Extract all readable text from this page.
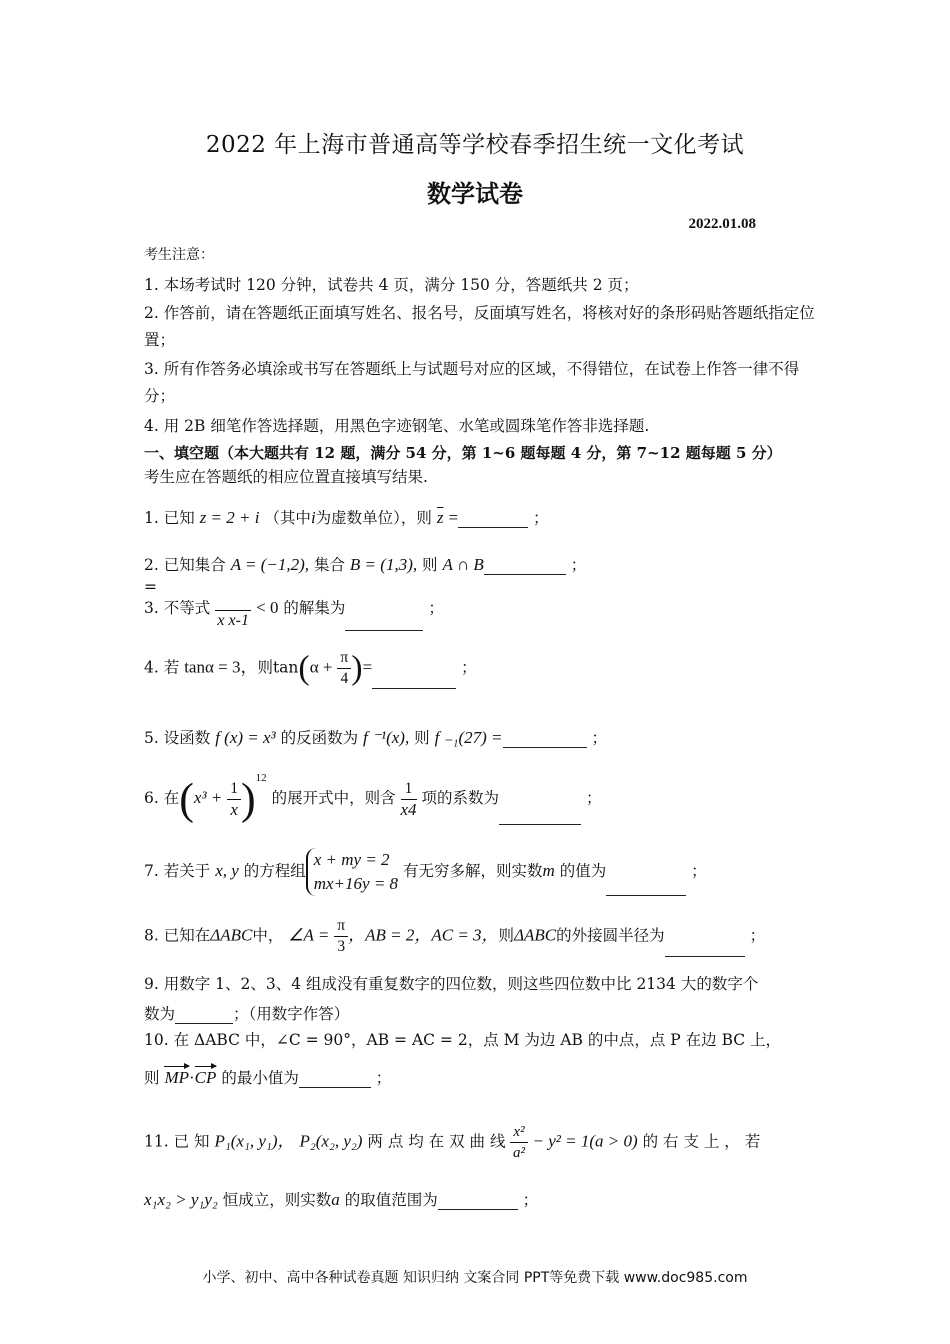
2022 年上海市普通高等学校春季招生统一文化考试
数学试卷
2022.01.08
考生注意：
1. 本场考试时 120 分钟，试卷共 4 页，满分 150 分，答题纸共 2 页；
2. 作答前，请在答题纸正面填写姓名、报名号，反面填写姓名，将核对好的条形码贴答题纸指定位置；
3. 所有作答务必填涂或书写在答题纸上与试题号对应的区域，不得错位，在试卷上作答一律不得分；
4. 用 2B 细笔作答选择题，用黑色字迹钢笔、水笔或圆珠笔作答非选择题.
一、填空题（本大题共有 12 题，满分 54 分，第 1~6 题每题 4 分，第 7~12 题每题 5 分）
考生应在答题纸的相应位置直接填写结果.
1. 已知 z = 2 + i （其中i为虚数单位），则 $\overline{z}$ =	；
2. 已知集合 A = (−1,2), 集合 B = (1,3), 则 A ∩ B	；
=
3. 不等式
x x-1
< 0 的解集为	；
4. 若 tanα = 3，则$\tan(\alpha + \frac{\pi}{4}$ )=	；
5. 设函数 f (x) = x³ 的反函数为 f ⁻¹(x), 则 f ₋₁(27) =	；
6. 在$(x^3 + \frac{1}{x} )^{12}$ 的展开式中，则含 $\frac{1}{x4}$ 项的系数为	；
7. 若关于 x, y 的方程组
x + my = 2
mx+16y = 8
有无穷多解，则实数m 的值为	；
8. 已知在ΔABC中， ∠A = $\frac{\pi}{3}$ ，AB = 2，AC = 3，则ΔABC的外接圆半径为	；
9. 用数字 1、2、3、4 组成没有重复数字的四位数，则这些四位数中比 2134 大的数字个
数为	；（用数字作答）
10. 在 ΔABC 中，∠C = 90°，AB = AC = 2，点 M 为边 AB 的中点，点 P 在边 BC 上，
则 MP·CP 的最小值为	；
11. 已 知 P₁(x₁, y₁)， P₂(x₂, y₂) 两 点 均 在 双 曲 线 $\frac{\text{x²}}{\text{a²}} - y^2 = 1(a > 0)$ 的 右 支 上 ， 若
x₁x₂ > y₁y₂ 恒成立，则实数a 的取值范围为	；
小学、初中、高中各种试卷真题 知识归纳 文案合同 PPT等免费下载 www.doc985.com
